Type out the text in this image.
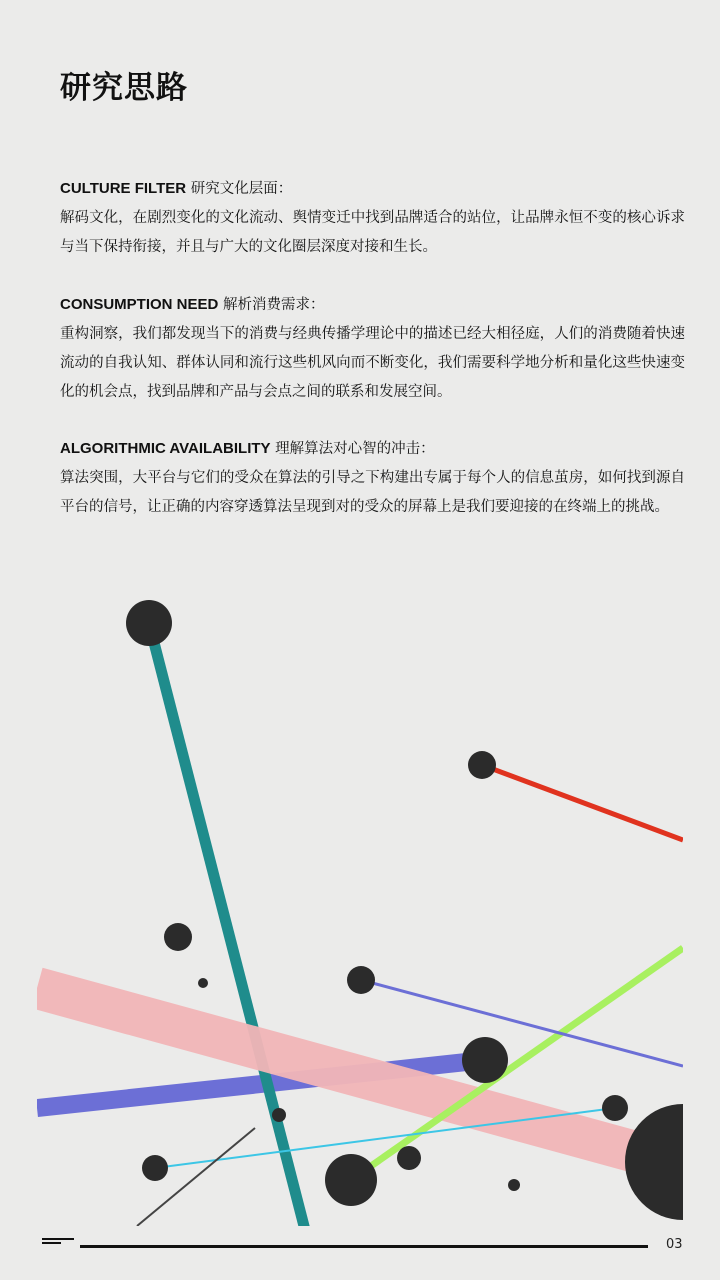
研究思路
CULTURE FILTER 研究文化层面：

解码文化，在剧烈变化的文化流动、舆情变迁中找到品牌适合的站位，让品牌永恒不变的核心诉求与当下保持衔接，并且与广大的文化圈层深度对接和生长。

CONSUMPTION NEED 解析消费需求：

重构洞察，我们都发现当下的消费与经典传播学理论中的描述已经大相径庭，人们的消费随着快速流动的自我认知、群体认同和流行这些机风向而不断变化，我们需要科学地分析和量化这些快速变化的机会点，找到品牌和产品与会点之间的联系和发展空间。

ALGORITHMIC AVAILABILITY 理解算法对心智的冲击：

算法突围，大平台与它们的受众在算法的引导之下构建出专属于每个人的信息茧房，如何找到源自平台的信号，让正确的内容穿透算法呈现到对的受众的屏幕上是我们要迎接的在终端上的挑战。

03
